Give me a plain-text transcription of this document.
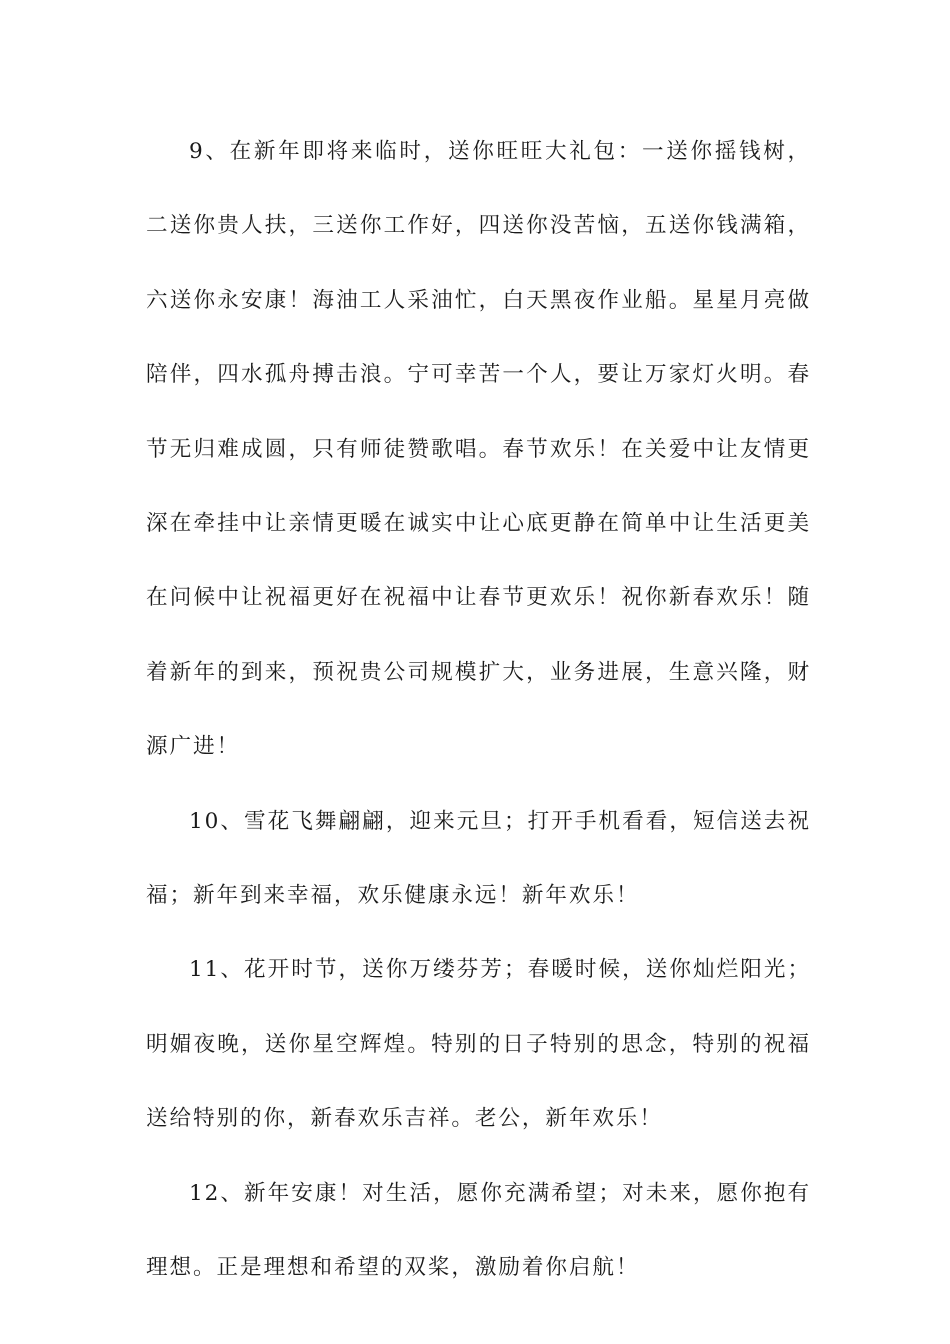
9、在新年即将来临时，送你旺旺大礼包：一送你摇钱树，二送你贵人扶，三送你工作好，四送你没苦恼，五送你钱满箱，六送你永安康！海油工人采油忙，白天黑夜作业船。星星月亮做陪伴，四水孤舟搏击浪。宁可幸苦一个人，要让万家灯火明。春节无归难成圆，只有师徒赞歌唱。春节欢乐！在关爱中让友情更深在牵挂中让亲情更暖在诚实中让心底更静在简单中让生活更美在问候中让祝福更好在祝福中让春节更欢乐！祝你新春欢乐！随着新年的到来，预祝贵公司规模扩大，业务进展，生意兴隆，财源广进！

10、雪花飞舞翩翩，迎来元旦；打开手机看看，短信送去祝福；新年到来幸福，欢乐健康永远！新年欢乐！

11、花开时节，送你万缕芬芳；春暖时候，送你灿烂阳光；明媚夜晚，送你星空辉煌。特别的日子特别的思念，特别的祝福送给特别的你，新春欢乐吉祥。老公，新年欢乐！

12、新年安康！对生活，愿你充满希望；对未来，愿你抱有理想。正是理想和希望的双桨，激励着你启航！
